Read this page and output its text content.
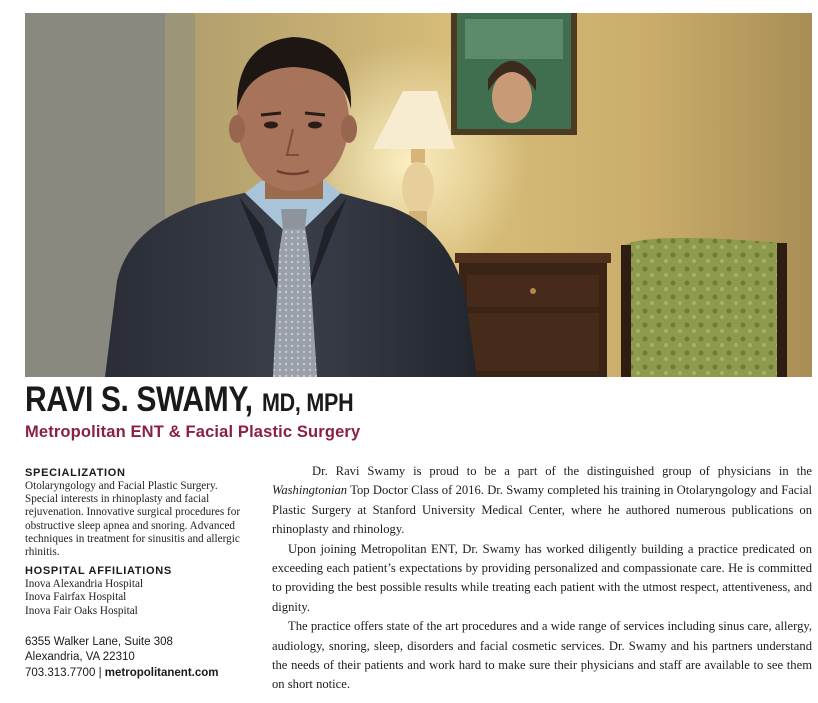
RAVI S. SWAMY, MD, MPH
Metropolitan ENT & Facial Plastic Surgery
SPECIALIZATION
Otolaryngology and Facial Plastic Surgery. Special interests in rhinoplasty and facial rejuvenation. Innovative surgical procedures for obstructive sleep apnea and snoring. Advanced techniques in treatment for sinusitis and allergic rhinitis.
HOSPITAL AFFILIATIONS
Inova Alexandria Hospital
Inova Fairfax Hospital
Inova Fair Oaks Hospital
6355 Walker Lane, Suite 308
Alexandria, VA 22310
703.313.7700 | metropolitanent.com

Dr. Ravi Swamy is proud to be a part of the distinguished group of physicians in the Washingtonian Top Doctor Class of 2016. Dr. Swamy completed his training in Otolaryngology and Facial Plastic Surgery at Stanford University Medical Center, where he authored numerous publications on rhinoplasty and rhinology.

Upon joining Metropolitan ENT, Dr. Swamy has worked diligently building a practice predicated on exceeding each patient’s expectations by providing personalized and compassionate care. He is committed to providing the best possible results while treating each patient with the utmost respect, attentiveness, and dignity.

The practice offers state of the art procedures and a wide range of services including sinus care, allergy, audiology, snoring, sleep, disorders and facial cosmetic services. Dr. Swamy and his partners understand the needs of their patients and work hard to make sure their physicians and staff are available to see them on short notice.
